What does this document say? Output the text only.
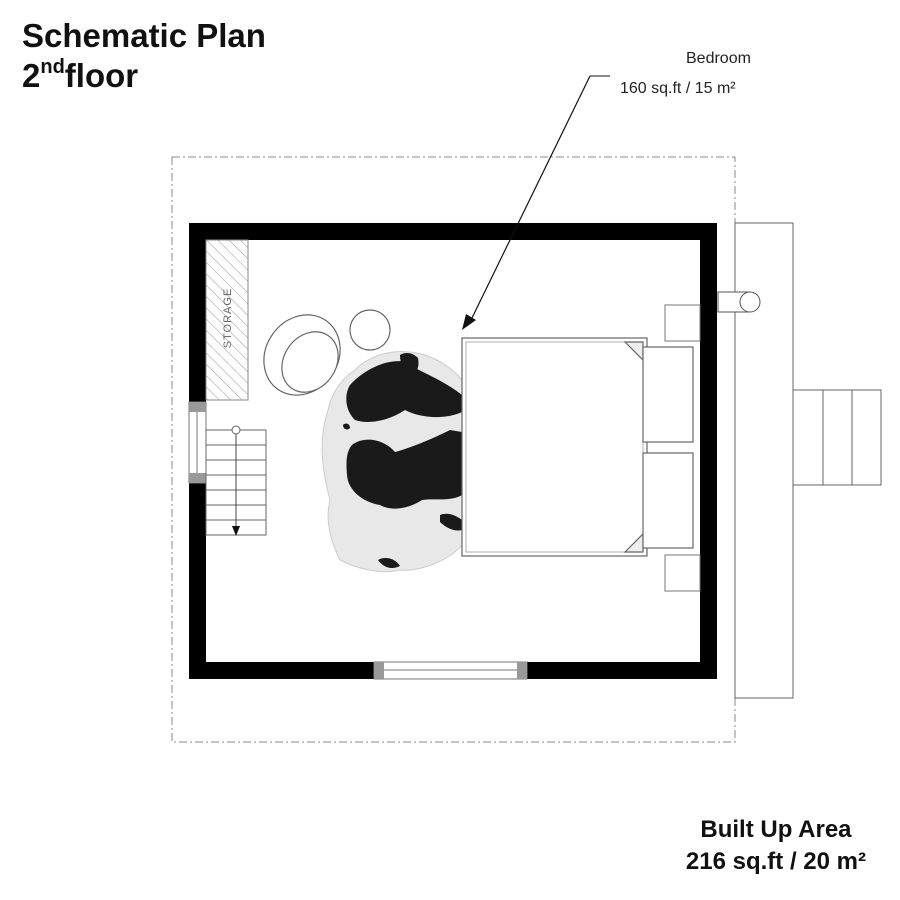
Schematic Plan
2ndfloor	Bedroom
160 sq.ft / 15 m²
STORAGE
Built Up Area
216 sq.ft / 20 m²
